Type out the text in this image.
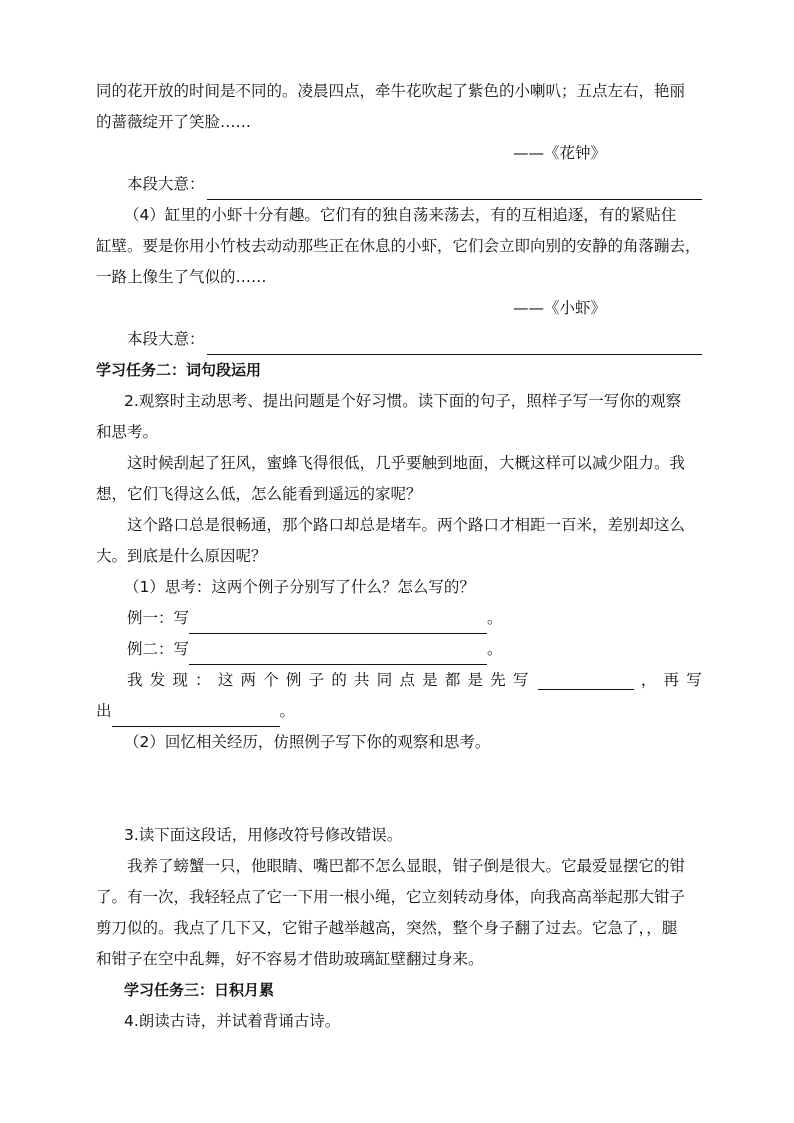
同的花开放的时间是不同的。凌晨四点，牵牛花吹起了紫色的小喇叭；五点左右，艳丽

的蔷薇绽开了笑脸……

——《花钟》

本段大意：

（4）缸里的小虾十分有趣。它们有的独自荡来荡去，有的互相追逐，有的紧贴住

缸壁。要是你用小竹枝去动动那些正在休息的小虾，它们会立即向别的安静的角落蹦去，

一路上像生了气似的……

——《小虾》

本段大意：

学习任务二：词句段运用

2.观察时主动思考、提出问题是个好习惯。读下面的句子，照样子写一写你的观察

和思考。

这时候刮起了狂风，蜜蜂飞得很低，几乎要触到地面，大概这样可以减少阻力。我

想，它们飞得这么低，怎么能看到遥远的家呢？

这个路口总是很畅通，那个路口却总是堵车。两个路口才相距一百米，差别却这么

大。到底是什么原因呢？

（1）思考：这两个例子分别写了什么？怎么写的？

例一：写	。
例二：写	。
我 发 现 ： 这 两 个 例 子 的 共 同 点 是 都 是 先 写	， 再 写
出	。

（2）回忆相关经历，仿照例子写下你的观察和思考。

3.读下面这段话，用修改符号修改错误。

我养了螃蟹一只，他眼睛、嘴巴都不怎么显眼，钳子倒是很大。它最爱显摆它的钳

了。有一次，我轻轻点了它一下用一根小绳，它立刻转动身体，向我高高举起那大钳子

剪刀似的。我点了几下又，它钳子越举越高，突然，整个身子翻了过去。它急了，，腿

和钳子在空中乱舞，好不容易才借助玻璃缸壁翻过身来。

学习任务三：日积月累

4.朗读古诗，并试着背诵古诗。
